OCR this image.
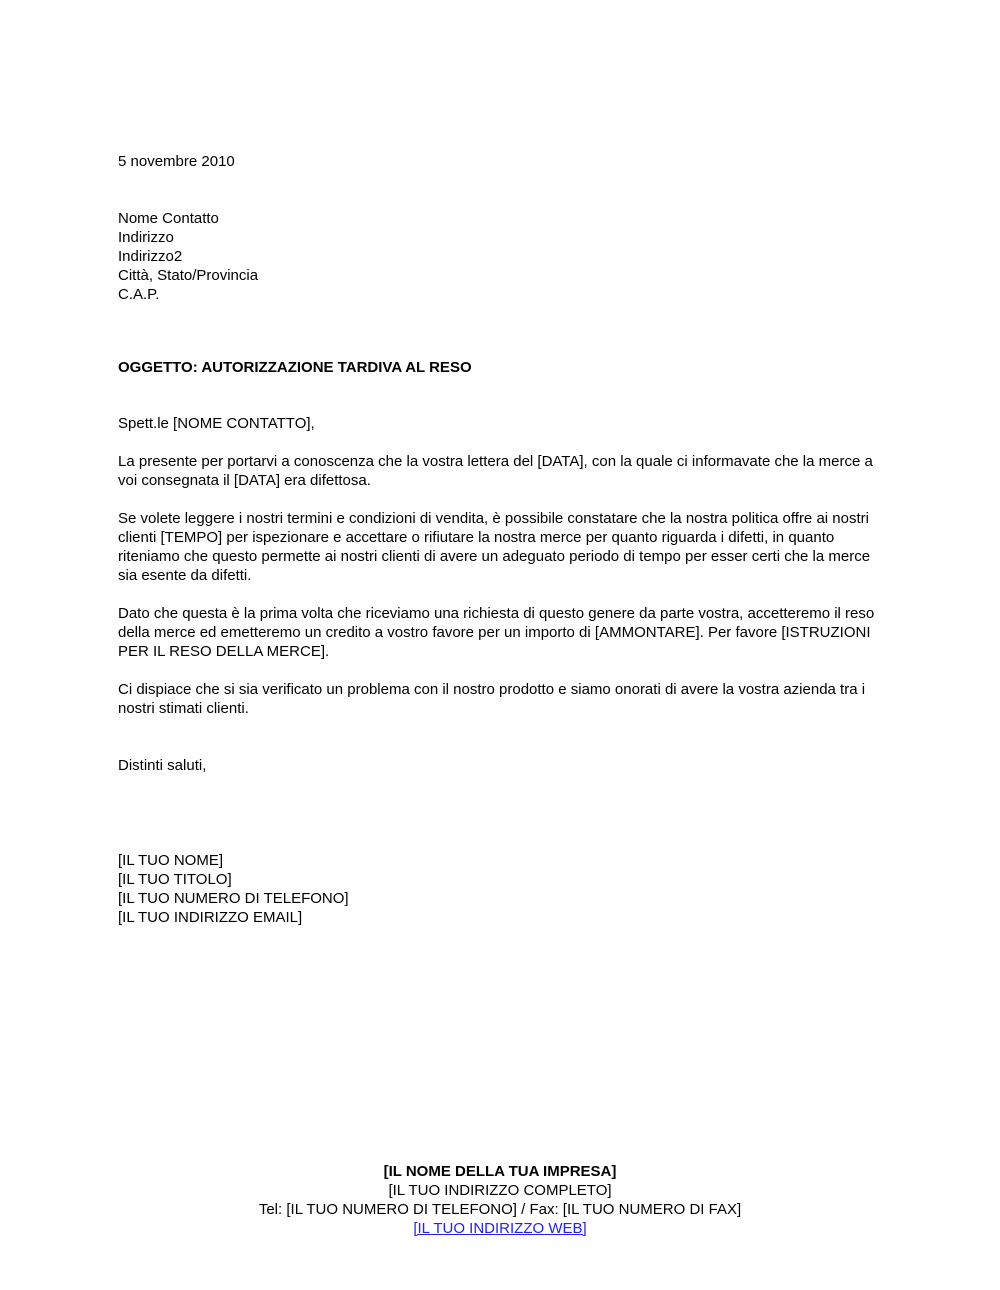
5 novembre 2010
Nome Contatto
Indirizzo
Indirizzo2
Città, Stato/Provincia
C.A.P.
OGGETTO: AUTORIZZAZIONE TARDIVA AL RESO
Spett.le [NOME CONTATTO],

La presente per portarvi a conoscenza che la vostra lettera del [DATA], con la quale ci informavate che la merce a voi consegnata il [DATA] era difettosa.

Se volete leggere i nostri termini e condizioni di vendita, è possibile constatare che la nostra politica offre ai nostri clienti [TEMPO] per ispezionare e accettare o rifiutare la nostra merce per quanto riguarda i difetti, in quanto riteniamo che questo permette ai nostri clienti di avere un adeguato periodo di tempo per esser certi che la merce sia esente da difetti.

Dato che questa è la prima volta che riceviamo una richiesta di questo genere da parte vostra, accetteremo il reso della merce ed emetteremo un credito a vostro favore per un importo di [AMMONTARE]. Per favore [ISTRUZIONI PER IL RESO DELLA MERCE].

Ci dispiace che si sia verificato un problema con il nostro prodotto e siamo onorati di avere la vostra azienda tra i nostri stimati clienti.

Distinti saluti,
[IL TUO NOME]
[IL TUO TITOLO]
[IL TUO NUMERO DI TELEFONO]
[IL TUO INDIRIZZO EMAIL]
[IL NOME DELLA TUA IMPRESA]
[IL TUO INDIRIZZO COMPLETO]
Tel: [IL TUO NUMERO DI TELEFONO] / Fax: [IL TUO NUMERO DI FAX]
[IL TUO INDIRIZZO WEB]
